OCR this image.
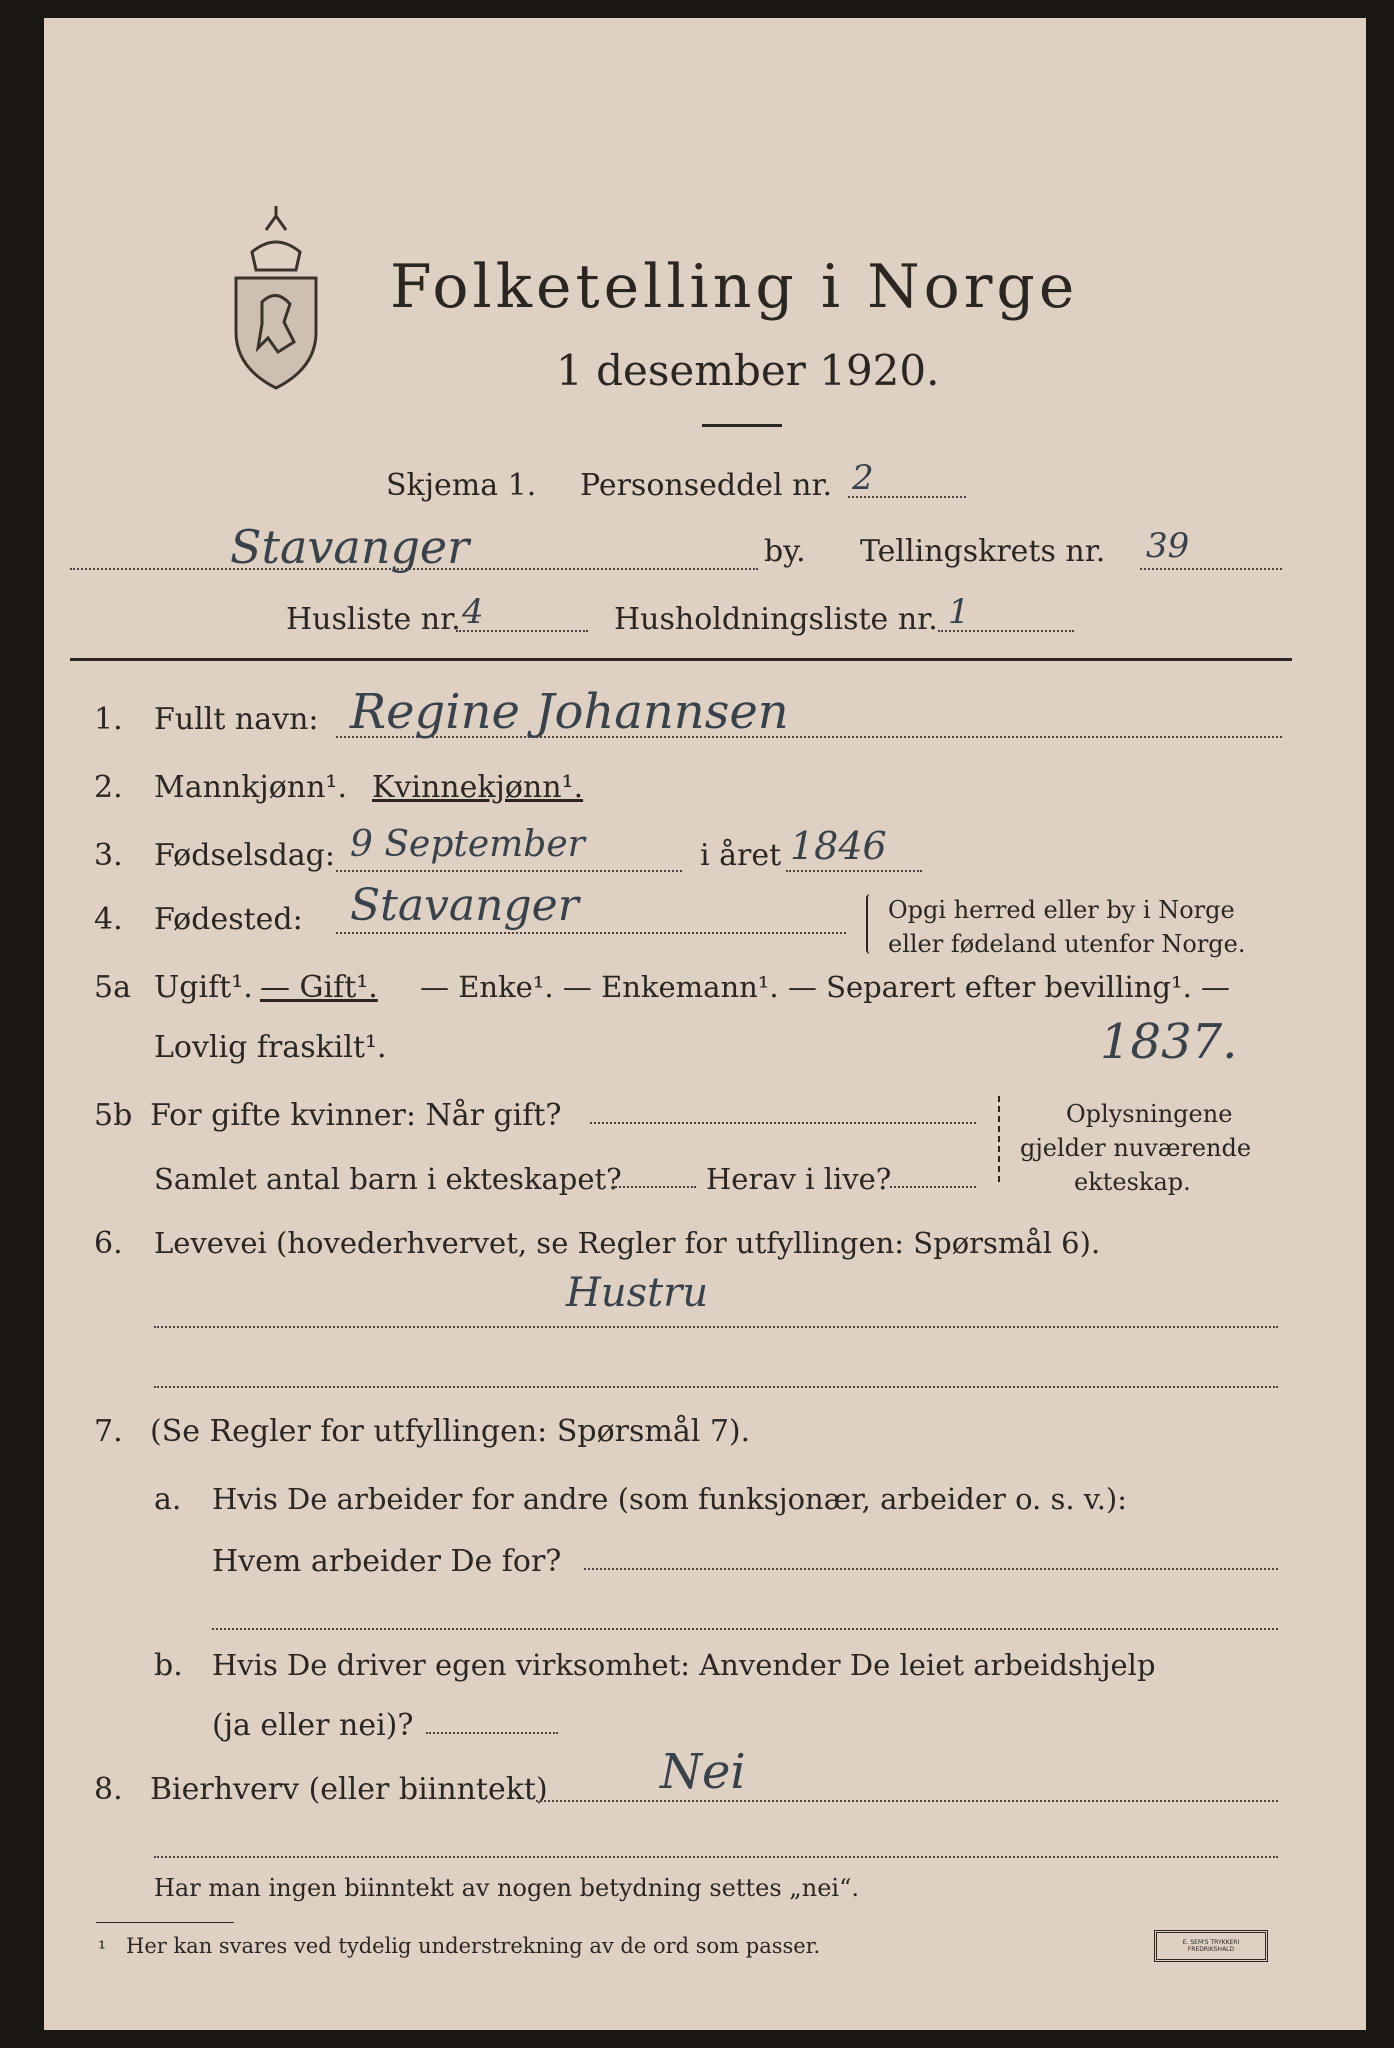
Folketelling i Norge
1 desember 1920.
Skjema 1. Personseddel nr. 2
Stavanger	by. Tellingskrets nr. 39
Husliste nr. 4	Husholdningsliste nr. 1
1. Fullt navn: Regine Johannsen
2. Mannkjønn¹. Kvinnekjønn¹.
3. Fødselsdag: 9 September	i året 1846
4. Fødested: Stavanger	Opgi herred eller by i Norge
eller fødeland utenfor Norge.
5a Ugift¹. — Gift¹. — Enke¹. — Enkemann¹. — Separert efter bevilling¹. —
Lovlig fraskilt¹.	1837.
5b For gifte kvinner: Når gift?
Samlet antal barn i ekteskapet?	Herav i live?
Oplysningene
gjelder nuværende
ekteskap.
6. Levevei (hovederhvervet, se Regler for utfyllingen: Spørsmål 6).
Hustru
7. (Se Regler for utfyllingen: Spørsmål 7).
a. Hvis De arbeider for andre (som funksjonær, arbeider o. s. v.):
Hvem arbeider De for?
b. Hvis De driver egen virksomhet: Anvender De leiet arbeidshjelp
(ja eller nei)?
8. Bierhverv (eller biinntekt) Nei
Har man ingen biinntekt av nogen betydning settes „nei“.
¹ Her kan svares ved tydelig understrekning av de ord som passer.	E. SEM'S TRYKKERI FREDRIKSHALD
